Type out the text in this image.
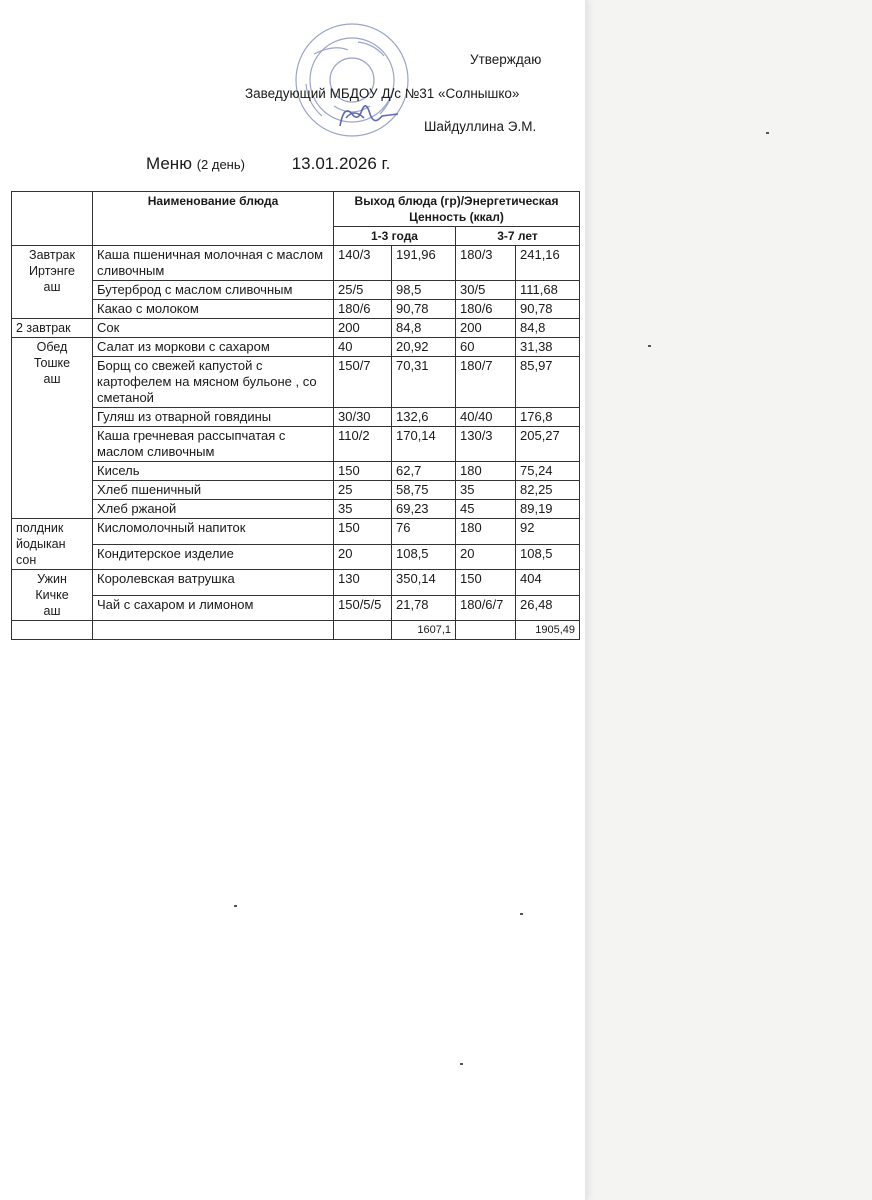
Утверждаю
Заведующий МБДОУ Д/с №31 «Солнышко»
Шайдуллина Э.М.
Меню (2 день)	13.01.2026 г.
	Наименование блюда	Выход блюда (гр)/Энергетическая Ценность (ккал)			
		1-3 года		3-7 лет	

Завтрак
Иртэнге
аш	Каша пшеничная молочная с маслом сливочным	140/3	191,96	180/3	241,16
	Бутерброд с маслом сливочным	25/5	98,5	30/5	111,68
	Какао с молоком	180/6	90,78	180/6	90,78

2 завтрак	Сок	200	84,8	200	84,8

Обед
Тошке
аш	Салат из моркови с сахаром	40	20,92	60	31,38
	Борщ со свежей капустой с картофелем на мясном бульоне , со сметаной	150/7	70,31	180/7	85,97
	Гуляш из отварной говядины	30/30	132,6	40/40	176,8
	Каша гречневая рассыпчатая с маслом сливочным	110/2	170,14	130/3	205,27
	Кисель	150	62,7	180	75,24
	Хлеб пшеничный	25	58,75	35	82,25
	Хлеб ржаной	35	69,23	45	89,19

полдник
йодыкан
сон	Кисломолочный напиток	150	76	180	92
	Кондитерское изделие	20	108,5	20	108,5

Ужин
Кичке
аш	Королевская ватрушка	130	350,14	150	404
	Чай с сахаром и лимоном	150/5/5	21,78	180/6/7	26,48
			1607,1		1905,49
